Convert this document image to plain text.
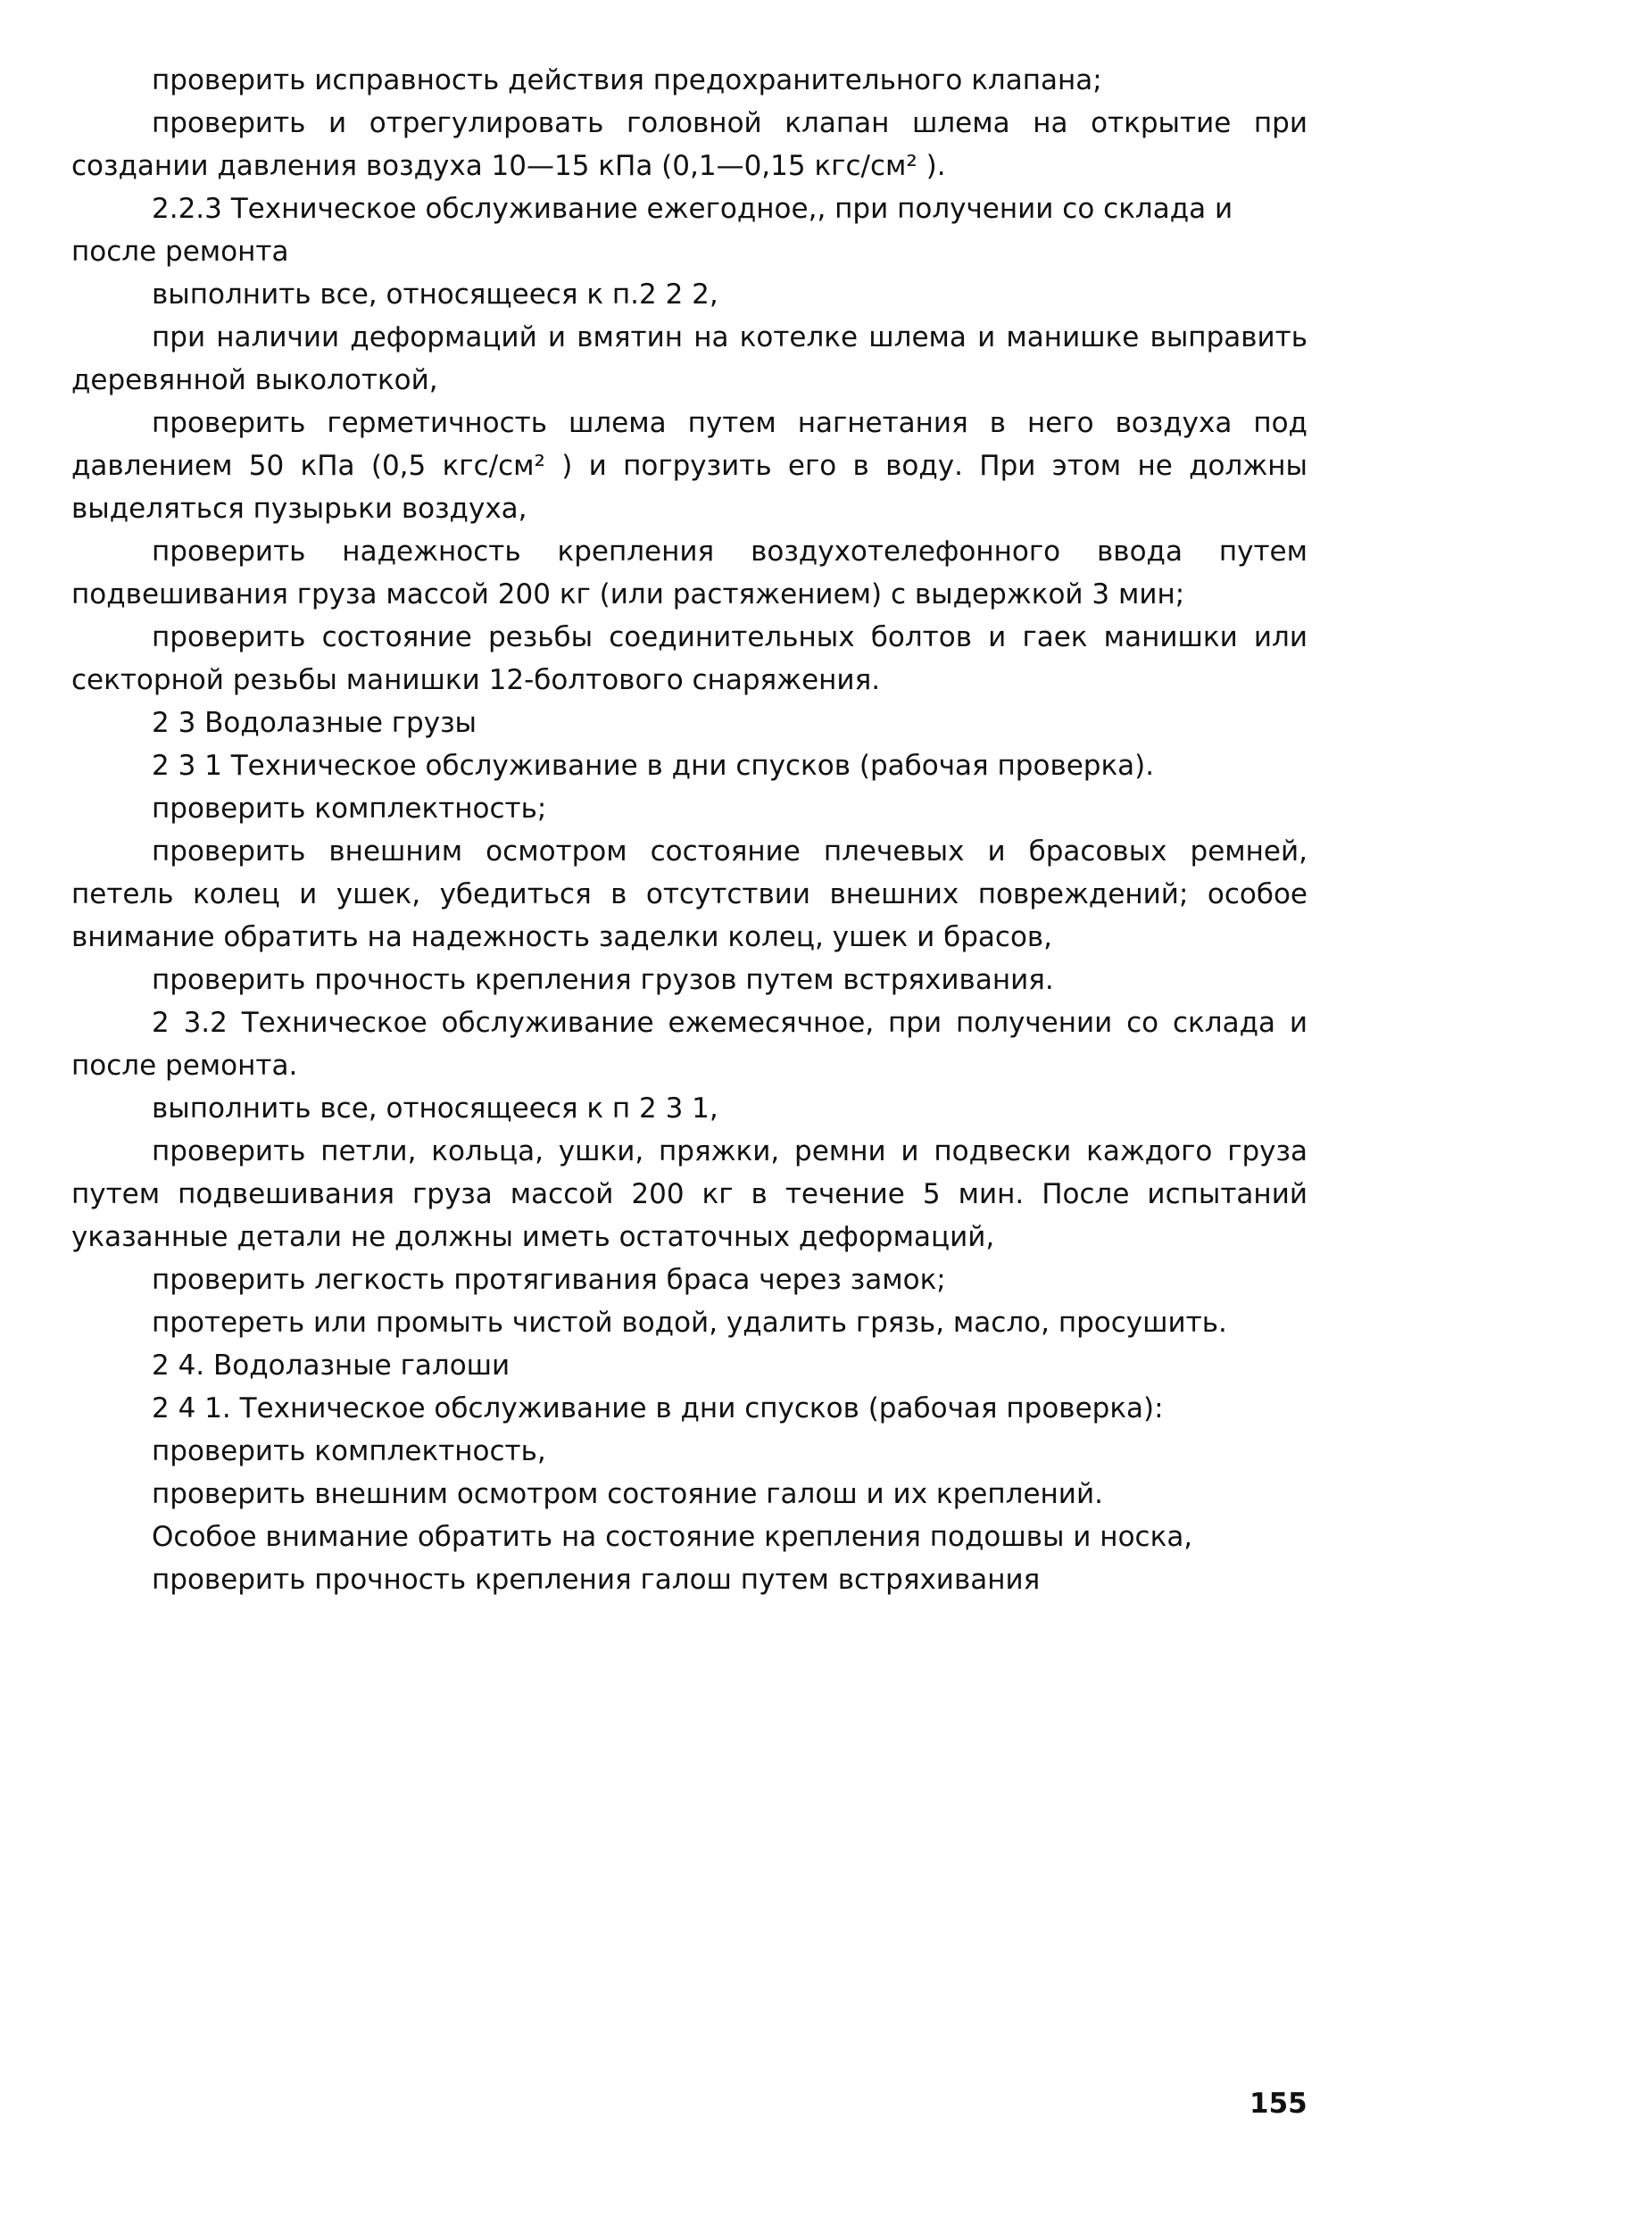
проверить исправность действия предохранительного клапана;

проверить и отрегулировать головной клапан шлема на открытие при создании давления воздуха 10—15 кПа (0,1—0,15 кгс/см² ).

2.2.3 Техническое обслуживание ежегодное,, при получении со склада и после ремонта

выполнить все, относящееся к п.2 2 2,

при наличии деформаций и вмятин на котелке шлема и манишке выправить деревянной выколоткой,

проверить герметичность шлема путем нагнетания в него воздуха под давлением 50 кПа (0,5 кгс/см² ) и погрузить его в воду. При этом не должны выделяться пузырьки воздуха,

проверить надежность крепления воздухотелефонного ввода путем подвешивания груза массой 200 кг (или растяжением) с выдержкой 3 мин;

проверить состояние резьбы соединительных болтов и гаек манишки или секторной резьбы манишки 12-болтового снаряжения.

2 3 Водолазные грузы

2 3 1 Техническое обслуживание в дни спусков (рабочая проверка).

проверить комплектность;

проверить внешним осмотром состояние плечевых и брасовых ремней, петель колец и ушек, убедиться в отсутствии внешних повреждений; особое внимание обратить на надежность заделки колец, ушек и брасов,

проверить прочность крепления грузов путем встряхивания.

2 3.2 Техническое обслуживание ежемесячное, при получении со склада и после ремонта.

выполнить все, относящееся к п 2 3 1,

проверить петли, кольца, ушки, пряжки, ремни и подвески каждого груза путем подвешивания груза массой 200 кг в течение 5 мин. После испытаний указанные детали не должны иметь остаточных деформаций,

проверить легкость протягивания браса через замок;

протереть или промыть чистой водой, удалить грязь, масло, просушить.

2 4. Водолазные галоши

2 4 1. Техническое обслуживание в дни спусков (рабочая проверка):

проверить комплектность,

проверить внешним осмотром состояние галош и их креплений.

Особое внимание обратить на состояние крепления подошвы и носка,

проверить прочность крепления галош путем встряхивания

155
